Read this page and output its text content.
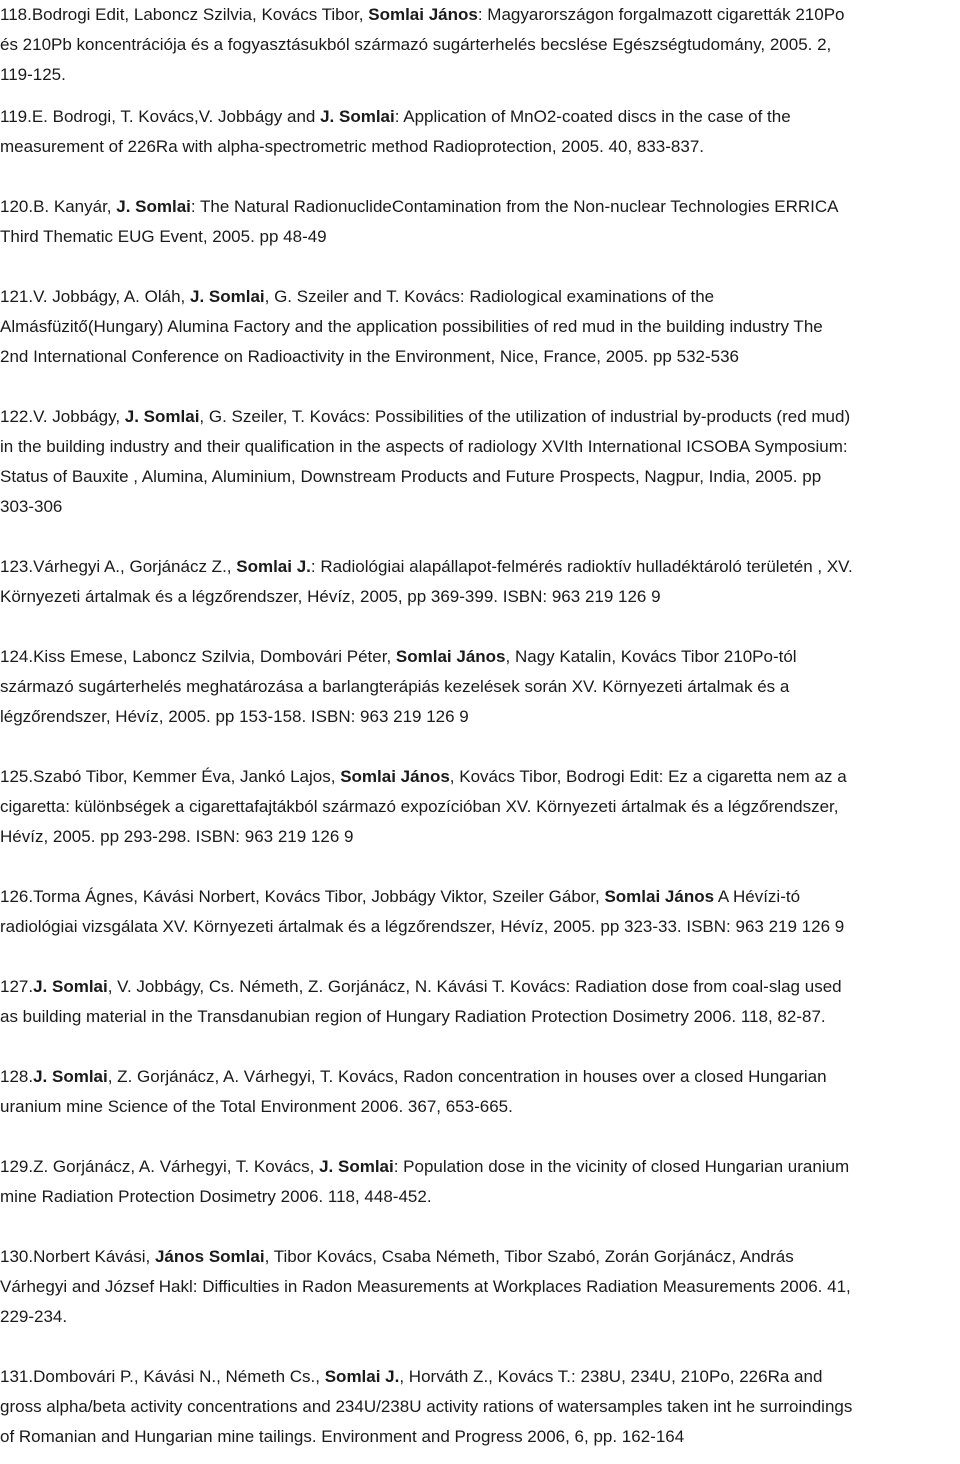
118.Bodrogi Edit, Laboncz Szilvia, Kovács Tibor, Somlai János: Magyarországon forgalmazott cigaretták 210Po
és 210Pb koncentrációja és a fogyasztásukból származó sugárterhelés becslése Egészségtudomány, 2005. 2,
119-125.
119.E. Bodrogi, T. Kovács,V. Jobbágy and J. Somlai: Application of MnO2-coated discs in the case of the
measurement of 226Ra with alpha-spectrometric method Radioprotection, 2005. 40, 833-837.
120.B. Kanyár, J. Somlai: The Natural RadionuclideContamination from the Non-nuclear Technologies ERRICA
Third Thematic EUG Event, 2005. pp 48-49
121.V. Jobbágy, A. Oláh, J. Somlai, G. Szeiler and T. Kovács: Radiological examinations of the
Almásfüzitő(Hungary) Alumina Factory and the application possibilities of red mud in the building industry The
2nd International Conference on Radioactivity in the Environment, Nice, France, 2005. pp 532-536
122.V. Jobbágy, J. Somlai, G. Szeiler, T. Kovács: Possibilities of the utilization of industrial by-products (red mud)
in the building industry and their qualification in the aspects of radiology XVIth International ICSOBA Symposium:
Status of Bauxite , Alumina, Aluminium, Downstream Products and Future Prospects, Nagpur, India, 2005. pp
303-306
123.Várhegyi A., Gorjánácz Z., Somlai J.: Radiológiai alapállapot-felmérés radioktív hulladéktároló területén , XV.
Környezeti ártalmak és a légzőrendszer, Hévíz, 2005, pp 369-399. ISBN: 963 219 126 9
124.Kiss Emese, Laboncz Szilvia, Dombovári Péter, Somlai János, Nagy Katalin, Kovács Tibor 210Po-tól
származó sugárterhelés meghatározása a barlangterápiás kezelések során XV. Környezeti ártalmak és a
légzőrendszer, Hévíz, 2005. pp 153-158. ISBN: 963 219 126 9
125.Szabó Tibor, Kemmer Éva, Jankó Lajos, Somlai János, Kovács Tibor, Bodrogi Edit: Ez a cigaretta nem az a
cigaretta: különbségek a cigarettafajtákból származó expozícióban XV. Környezeti ártalmak és a légzőrendszer,
Hévíz, 2005. pp 293-298. ISBN: 963 219 126 9
126.Torma Ágnes, Kávási Norbert, Kovács Tibor, Jobbágy Viktor, Szeiler Gábor, Somlai János A Hévízi-tó
radiológiai vizsgálata XV. Környezeti ártalmak és a légzőrendszer, Hévíz, 2005. pp 323-33. ISBN: 963 219 126 9
127.J. Somlai, V. Jobbágy, Cs. Németh, Z. Gorjánácz, N. Kávási T. Kovács: Radiation dose from coal-slag used
as building material in the Transdanubian region of Hungary Radiation Protection Dosimetry 2006. 118, 82-87.
128.J. Somlai, Z. Gorjánácz, A. Várhegyi, T. Kovács, Radon concentration in houses over a closed Hungarian
uranium mine Science of the Total Environment 2006. 367, 653-665.
129.Z. Gorjánácz, A. Várhegyi, T. Kovács, J. Somlai: Population dose in the vicinity of closed Hungarian uranium
mine Radiation Protection Dosimetry 2006. 118, 448-452.
130.Norbert Kávási, János Somlai, Tibor Kovács, Csaba Németh, Tibor Szabó, Zorán Gorjánácz, András
Várhegyi and József Hakl: Difficulties in Radon Measurements at Workplaces Radiation Measurements 2006. 41,
229-234.
131.Dombovári P., Kávási N., Németh Cs., Somlai J., Horváth Z., Kovács T.: 238U, 234U, 210Po, 226Ra and
gross alpha/beta activity concentrations and 234U/238U activity rations of watersamples taken int he surroindings
of Romanian and Hungarian mine tailings. Environment and Progress 2006, 6, pp. 162-164
